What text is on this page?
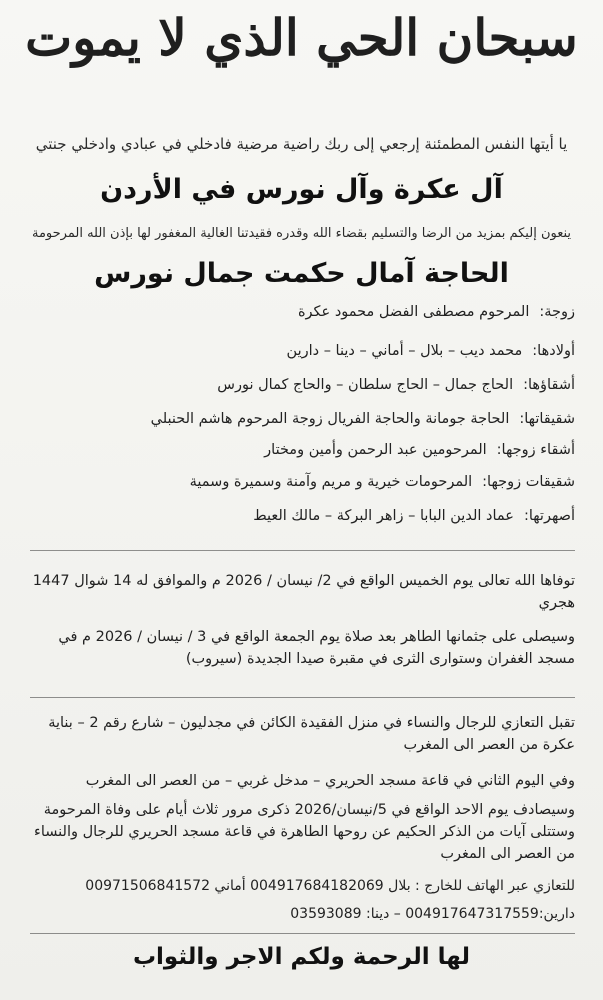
سبحان الحي الذي لا يموت
يا أيتها النفس المطمئنة إرجعي إلى ربك راضية مرضية فادخلي في عبادي وادخلي جنتي
آل عكرة وآل نورس في الأردن
ينعون إليكم بمزيد من الرضا والتسليم بقضاء الله وقدره فقيدتنا الغالية المغفور لها بإذن الله المرحومة
الحاجة آمال حكمت جمال نورس
زوجة:المرحوم مصطفى الفضل محمود عكرة
أولادها:محمد ديب – بلال – أماني – دينا – دارين
أشقاؤها:الحاج جمال – الحاج سلطان – والحاج كمال نورس
شقيقاتها:الحاجة جومانة والحاجة الفريال زوجة المرحوم هاشم الحنبلي
أشقاء زوجها:المرحومين عبد الرحمن وأمين ومختار
شقيقات زوجها:المرحومات خيرية و مريم وآمنة وسميرة وسمية
أصهرتها:عماد الدين البابا – زاهر البركة – مالك العيط
توفاها الله تعالى يوم الخميس الواقع في 2/ نيسان / 2026 م والموافق له 14 شوال 1447 هجري
وسيصلى على جثمانها الطاهر بعد صلاة يوم الجمعة الواقع في 3 / نيسان / 2026 م في مسجد الغفران وستوارى الثرى في مقبرة صيدا الجديدة (سيروب)
تقبل التعازي للرجال والنساء في منزل الفقيدة الكائن في مجدليون – شارع رقم 2 – بناية عكرة من العصر الى المغرب
وفي اليوم الثاني في قاعة مسجد الحريري – مدخل غربي – من العصر الى المغرب
وسيصادف يوم الاحد الواقع في 5/نيسان/2026 ذكرى مرور ثلاث أيام على وفاة المرحومة وستتلى آيات من الذكر الحكيم عن روحها الطاهرة في قاعة مسجد الحريري للرجال والنساء من العصر الى المغرب
للتعازي عبر الهاتف للخارج : بلال 004917684182069 أماني 00971506841572
دارين:004917647317559 – دينا: 03593089
لها الرحمة ولكم الاجر والثواب
